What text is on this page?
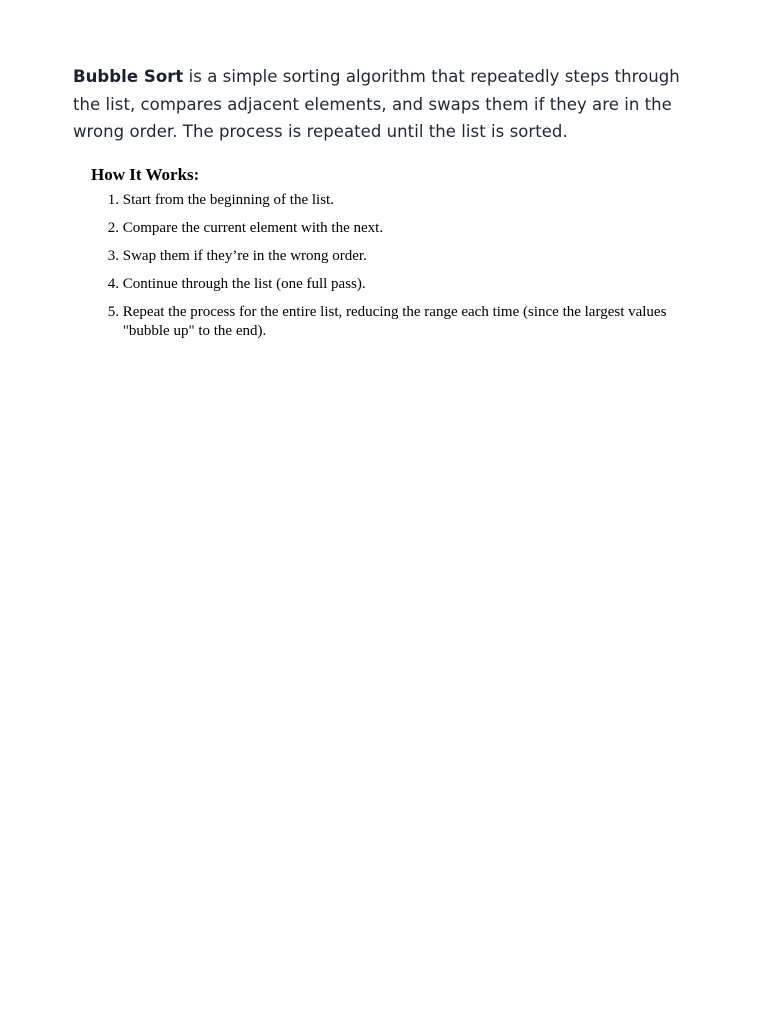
Bubble Sort is a simple sorting algorithm that repeatedly steps through the list, compares adjacent elements, and swaps them if they are in the wrong order. The process is repeated until the list is sorted.

How It Works:
1.
Start from the beginning of the list.
2.
Compare the current element with the next.
3.
Swap them if they’re in the wrong order.
4.
Continue through the list (one full pass).
5.
Repeat the process for the entire list, reducing the range each time (since the largest values "bubble up" to the end).
